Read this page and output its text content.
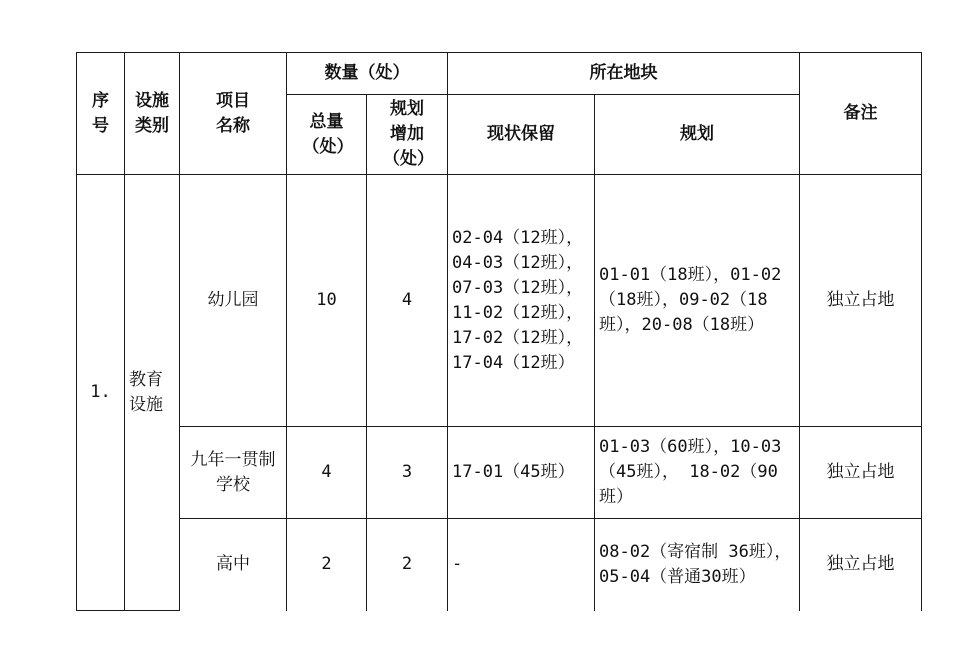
序号	设施类别	项目名称	数量（处）		所在地块		备注

			总量（处）	规划增加（处）	现状保留	规划	
1.	教育设施	幼儿园	10	4	02-04（12班），04-03（12班），07-03（12班），11-02（12班），17-02（12班），17-04（12班）	01-01（18班），01-02（18班），09-02（18班），20-08（18班）	独立占地

		九年一贯制学校	4	3	17-01（45班）	01-03（60班），10-03（45班）， 18-02（90班）	独立占地
		高中	2	2	-	08-02（寄宿制 36班），05-04（普通30班）	独立占地
